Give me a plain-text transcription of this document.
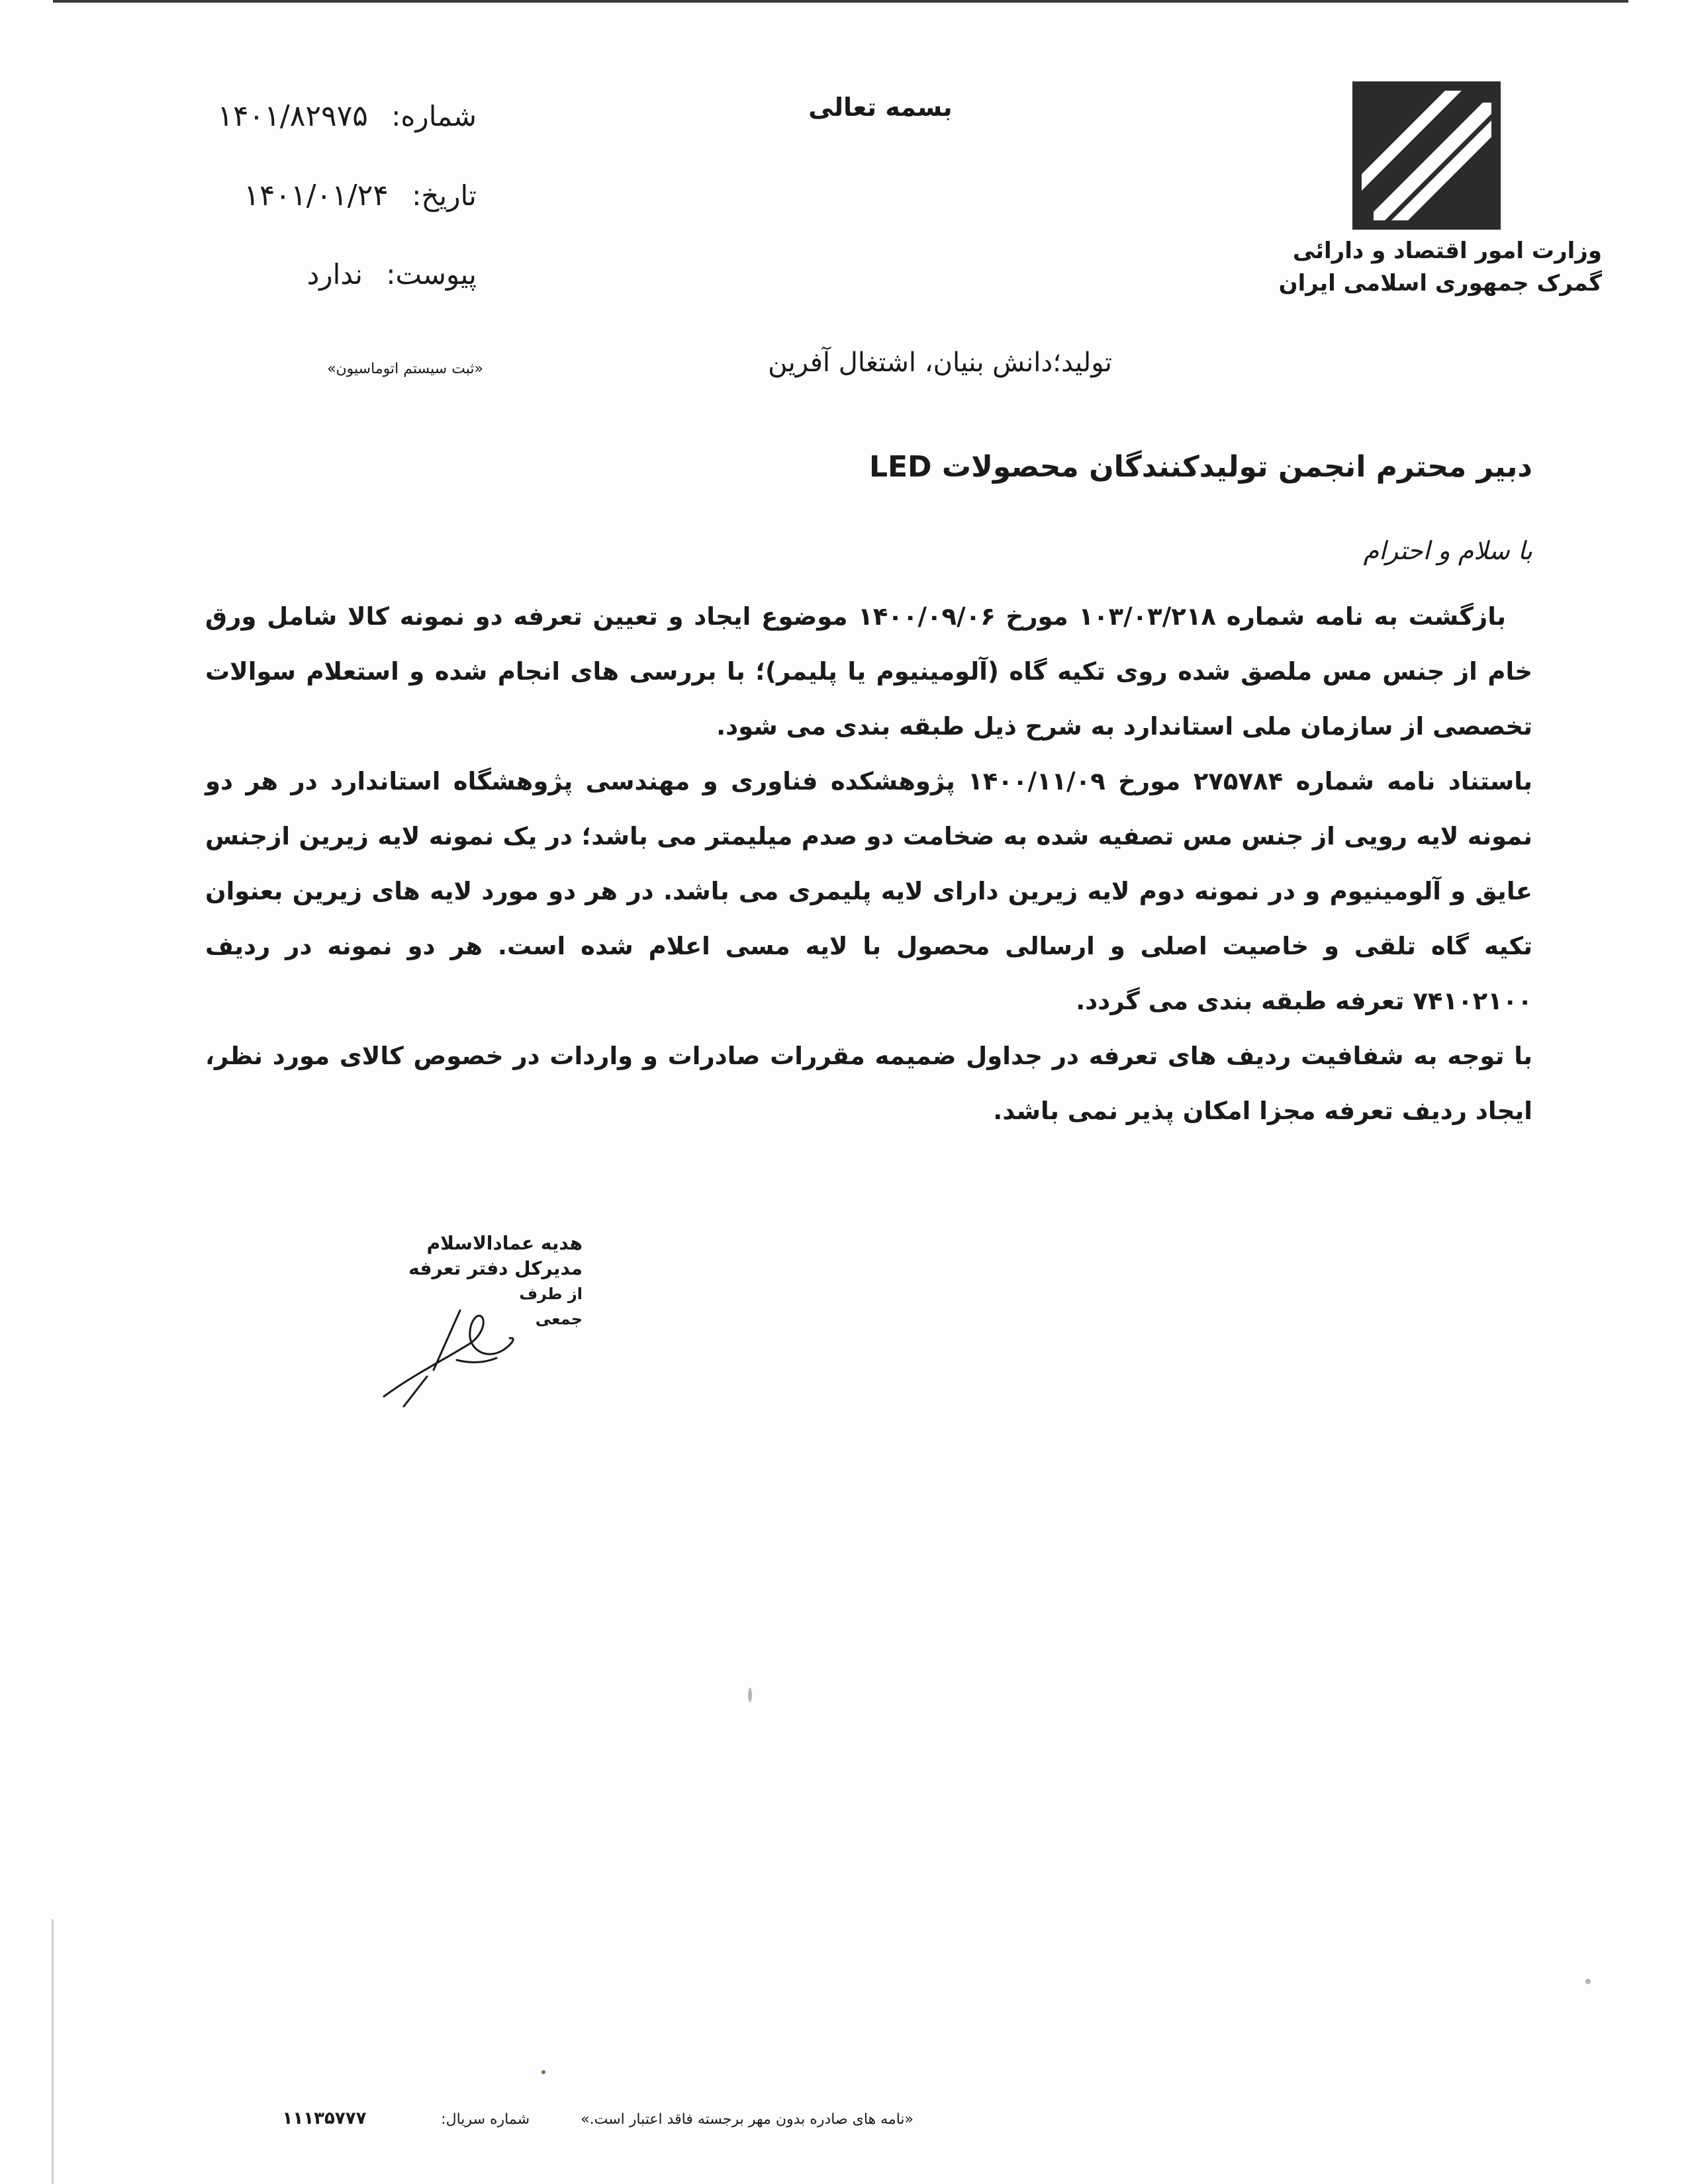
وزارت امور اقتصاد و دارائی
گمرک جمهوری اسلامی ایران
بسمه تعالی
شماره: ۱۴۰۱/۸۲۹۷۵
تاریخ: ۱۴۰۱/۰۱/۲۴
پیوست: ندارد
«ثبت سیستم اتوماسیون»	تولید؛دانش بنیان، اشتغال آفرین
دبیر محترم انجمن تولیدکنندگان محصولات LED
با سلام و احترام

بازگشت به نامه شماره ۱۰۳/۰۳/۲۱۸ مورخ ۱۴۰۰/۰۹/۰۶ موضوع ایجاد و تعیین تعرفه دو نمونه کالا شامل ورق خام از جنس مس ملصق شده روی تکیه گاه (آلومینیوم یا پلیمر)؛ با بررسی های انجام شده و استعلام سوالات تخصصی از سازمان ملی استاندارد به شرح ذیل طبقه بندی می شود.

باستناد نامه شماره ۲۷۵۷۸۴ مورخ ۱۴۰۰/۱۱/۰۹ پژوهشکده فناوری و مهندسی پژوهشگاه استاندارد در هر دو نمونه لایه رویی از جنس مس تصفیه شده به ضخامت دو صدم میلیمتر می باشد؛ در یک نمونه لایه زیرین ازجنس عایق و آلومینیوم و در نمونه دوم لایه زیرین دارای لایه پلیمری می باشد. در هر دو مورد لایه های زیرین بعنوان تکیه گاه تلقی و خاصیت اصلی و ارسالی محصول با لایه مسی اعلام شده است. هر دو نمونه در ردیف ۷۴۱۰۲۱۰۰ تعرفه طبقه بندی می گردد.

با توجه به شفافیت ردیف های تعرفه در جداول ضمیمه مقررات صادرات و واردات در خصوص کالای مورد نظر، ایجاد ردیف تعرفه مجزا امکان پذیر نمی باشد.

هدیه عمادالاسلام
مدیرکل دفتر تعرفه
از طرف
جمعی
«نامه های صادره بدون مهر برجسته فاقد اعتبار است.»
شماره سریال:
۱۱۱۳۵۷۷۷
